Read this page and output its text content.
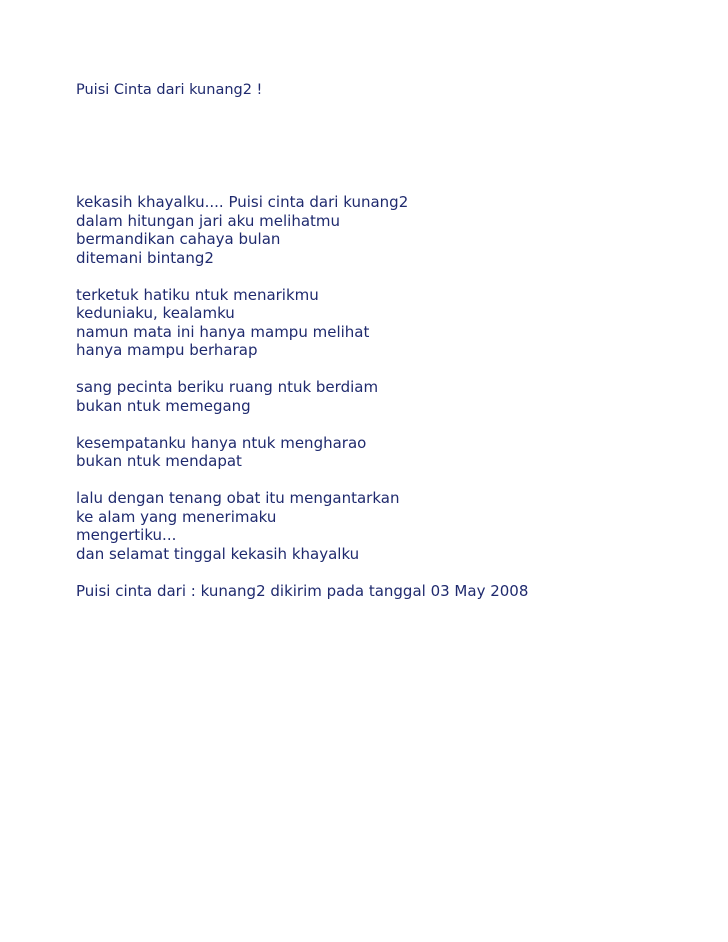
Puisi Cinta dari kunang2 !
kekasih khayalku.... Puisi cinta dari kunang2
dalam hitungan jari aku melihatmu
bermandikan cahaya bulan
ditemani bintang2
terketuk hatiku ntuk menarikmu
keduniaku, kealamku
namun mata ini hanya mampu melihat
hanya mampu berharap
sang pecinta beriku ruang ntuk berdiam
bukan ntuk memegang
kesempatanku hanya ntuk mengharao
bukan ntuk mendapat
lalu dengan tenang obat itu mengantarkan
ke alam yang menerimaku
mengertiku...
dan selamat tinggal kekasih khayalku
Puisi cinta dari : kunang2 dikirim pada tanggal 03 May 2008
